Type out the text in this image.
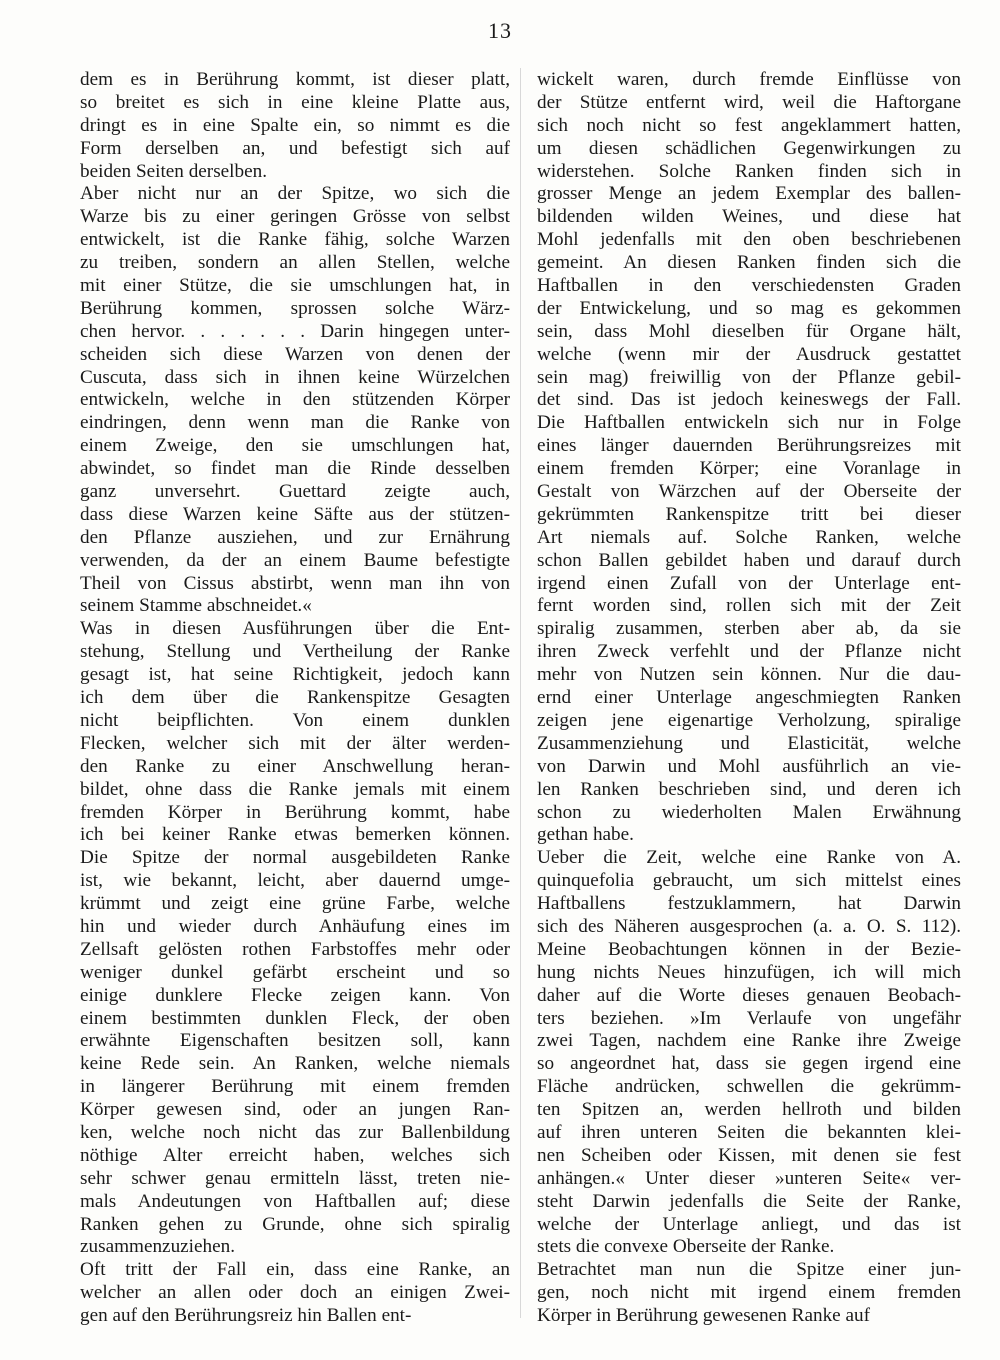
13
dem es in Berührung kommt, ist dieser platt,
so breitet es sich in eine kleine Platte aus,
dringt es in eine Spalte ein, so nimmt es die
Form derselben an, und befestigt sich auf
beiden Seiten derselben.
Aber nicht nur an der Spitze, wo sich die
Warze bis zu einer geringen Grösse von selbst
entwickelt, ist die Ranke fähig, solche Warzen
zu treiben, sondern an allen Stellen, welche
mit einer Stütze, die sie umschlungen hat, in
Berührung kommen, sprossen solche Wärz-
chen hervor. . . . . . . Darin hingegen unter-
scheiden sich diese Warzen von denen der
Cuscuta, dass sich in ihnen keine Würzelchen
entwickeln, welche in den stützenden Körper
eindringen, denn wenn man die Ranke von
einem Zweige, den sie umschlungen hat,
abwindet, so findet man die Rinde desselben
ganz unversehrt. Guettard zeigte auch,
dass diese Warzen keine Säfte aus der stützen-
den Pflanze ausziehen, und zur Ernährung
verwenden, da der an einem Baume befestigte
Theil von Cissus abstirbt, wenn man ihn von
seinem Stamme abschneidet.«
Was in diesen Ausführungen über die Ent-
stehung, Stellung und Vertheilung der Ranke
gesagt ist, hat seine Richtigkeit, jedoch kann
ich dem über die Rankenspitze Gesagten
nicht beipflichten. Von einem dunklen
Flecken, welcher sich mit der älter werden-
den Ranke zu einer Anschwellung heran-
bildet, ohne dass die Ranke jemals mit einem
fremden Körper in Berührung kommt, habe
ich bei keiner Ranke etwas bemerken können.
Die Spitze der normal ausgebildeten Ranke
ist, wie bekannt, leicht, aber dauernd umge-
krümmt und zeigt eine grüne Farbe, welche
hin und wieder durch Anhäufung eines im
Zellsaft gelösten rothen Farbstoffes mehr oder
weniger dunkel gefärbt erscheint und so
einige dunklere Flecke zeigen kann. Von
einem bestimmten dunklen Fleck, der oben
erwähnte Eigenschaften besitzen soll, kann
keine Rede sein. An Ranken, welche niemals
in längerer Berührung mit einem fremden
Körper gewesen sind, oder an jungen Ran-
ken, welche noch nicht das zur Ballenbildung
nöthige Alter erreicht haben, welches sich
sehr schwer genau ermitteln lässt, treten nie-
mals Andeutungen von Haftballen auf; diese
Ranken gehen zu Grunde, ohne sich spiralig
zusammenzuziehen.
Oft tritt der Fall ein, dass eine Ranke, an
welcher an allen oder doch an einigen Zwei-
gen auf den Berührungsreiz hin Ballen ent-
wickelt waren, durch fremde Einflüsse von
der Stütze entfernt wird, weil die Haftorgane
sich noch nicht so fest angeklammert hatten,
um diesen schädlichen Gegenwirkungen zu
widerstehen. Solche Ranken finden sich in
grosser Menge an jedem Exemplar des ballen-
bildenden wilden Weines, und diese hat
Mohl jedenfalls mit den oben beschriebenen
gemeint. An diesen Ranken finden sich die
Haftballen in den verschiedensten Graden
der Entwickelung, und so mag es gekommen
sein, dass Mohl dieselben für Organe hält,
welche (wenn mir der Ausdruck gestattet
sein mag) freiwillig von der Pflanze gebil-
det sind. Das ist jedoch keineswegs der Fall.
Die Haftballen entwickeln sich nur in Folge
eines länger dauernden Berührungsreizes mit
einem fremden Körper; eine Voranlage in
Gestalt von Wärzchen auf der Oberseite der
gekrümmten Rankenspitze tritt bei dieser
Art niemals auf. Solche Ranken, welche
schon Ballen gebildet haben und darauf durch
irgend einen Zufall von der Unterlage ent-
fernt worden sind, rollen sich mit der Zeit
spiralig zusammen, sterben aber ab, da sie
ihren Zweck verfehlt und der Pflanze nicht
mehr von Nutzen sein können. Nur die dau-
ernd einer Unterlage angeschmiegten Ranken
zeigen jene eigenartige Verholzung, spiralige
Zusammenziehung und Elasticität, welche
von Darwin und Mohl ausführlich an vie-
len Ranken beschrieben sind, und deren ich
schon zu wiederholten Malen Erwähnung
gethan habe.
Ueber die Zeit, welche eine Ranke von A.
quinquefolia gebraucht, um sich mittelst eines
Haftballens festzuklammern, hat Darwin
sich des Näheren ausgesprochen (a. a. O. S. 112).
Meine Beobachtungen können in der Bezie-
hung nichts Neues hinzufügen, ich will mich
daher auf die Worte dieses genauen Beobach-
ters beziehen. »Im Verlaufe von ungefähr
zwei Tagen, nachdem eine Ranke ihre Zweige
so angeordnet hat, dass sie gegen irgend eine
Fläche andrücken, schwellen die gekrümm-
ten Spitzen an, werden hellroth und bilden
auf ihren unteren Seiten die bekannten klei-
nen Scheiben oder Kissen, mit denen sie fest
anhängen.« Unter dieser »unteren Seite« ver-
steht Darwin jedenfalls die Seite der Ranke,
welche der Unterlage anliegt, und das ist
stets die convexe Oberseite der Ranke.
Betrachtet man nun die Spitze einer jun-
gen, noch nicht mit irgend einem fremden
Körper in Berührung gewesenen Ranke auf
